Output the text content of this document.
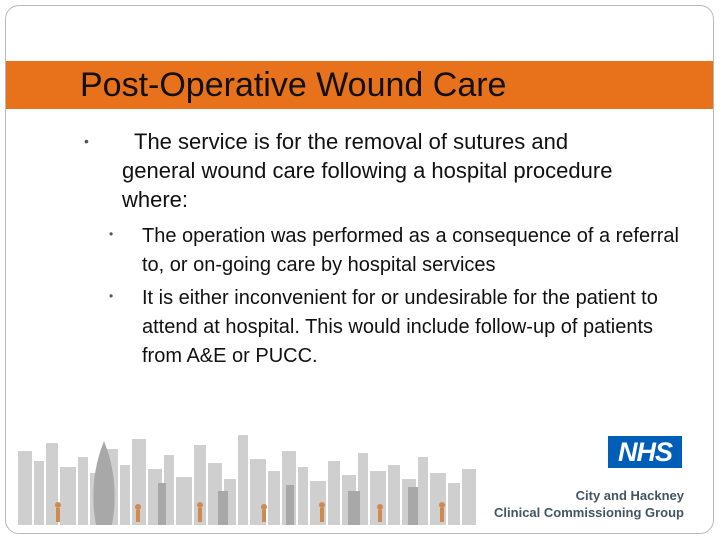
Post-Operative Wound Care
•	The service is for the removal of sutures and general wound care following a hospital procedure where:
• The operation was performed as a consequence of a referral to, or on-going care by hospital services
• It is either inconvenient for or undesirable for the patient to attend at hospital. This would include follow-up of patients from A&E or PUCC.
NHS
City and Hackney
Clinical Commissioning Group
